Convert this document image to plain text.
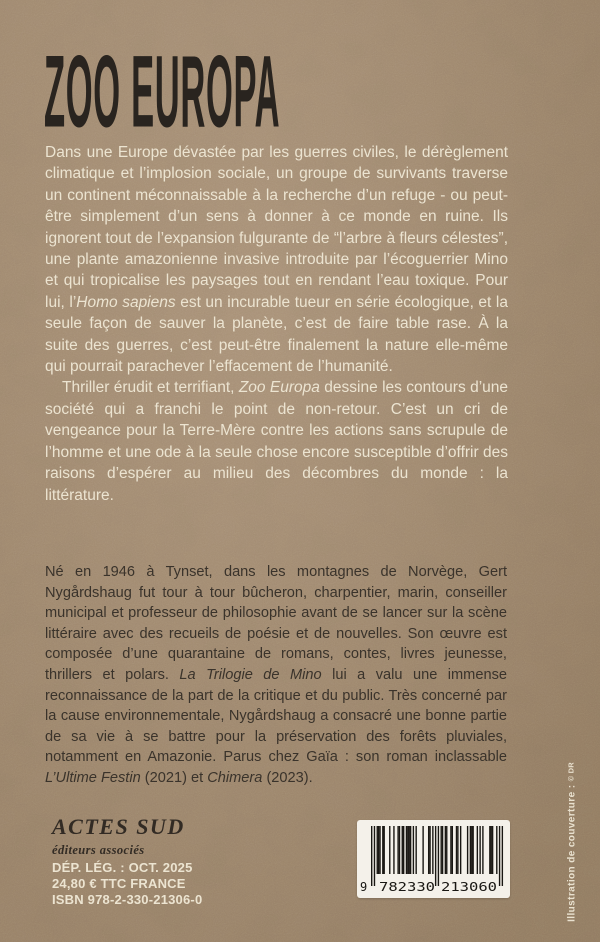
ZOO EUROPA

Dans une Europe dévastée par les guerres civiles, le dérèglement climatique et l’implosion sociale, un groupe de survivants traverse un continent méconnaissable à la recherche d’un refuge - ou peut-être simplement d’un sens à donner à ce monde en ruine. Ils ignorent tout de l’expansion fulgurante de “l’arbre à fleurs célestes”, une plante amazonienne invasive introduite par l’écoguerrier Mino et qui tropicalise les paysages tout en rendant l’eau toxique. Pour lui, l’Homo sapiens est un incurable tueur en série écologique, et la seule façon de sauver la planète, c’est de faire table rase. À la suite des guerres, c’est peut-être finalement la nature elle-même qui pourrait parachever l’effacement de l’humanité.

Thriller érudit et terrifiant, Zoo Europa dessine les contours d’une société qui a franchi le point de non-retour. C’est un cri de vengeance pour la Terre-Mère contre les actions sans scrupule de l’homme et une ode à la seule chose encore susceptible d’offrir des raisons d’espérer au milieu des décombres du monde : la littérature.

Né en 1946 à Tynset, dans les montagnes de Norvège, Gert Nygårdshaug fut tour à tour bûcheron, charpentier, marin, conseiller municipal et professeur de philosophie avant de se lancer sur la scène littéraire avec des recueils de poésie et de nouvelles. Son œuvre est composée d’une quarantaine de romans, contes, livres jeunesse, thrillers et polars. La Trilogie de Mino lui a valu une immense reconnaissance de la part de la critique et du public. Très concerné par la cause environnementale, Nygårdshaug a consacré une bonne partie de sa vie à se battre pour la préservation des forêts pluviales, notamment en Amazonie. Parus chez Gaïa : son roman inclassable L’Ultime Festin (2021) et Chimera (2023).

ACTES SUD
éditeurs associés
DÉP. LÉG. : OCT. 2025
24,80 € TTC FRANCE
ISBN 978-2-330-21306-0
9 782330 213060	Illustration de couverture : © DR
